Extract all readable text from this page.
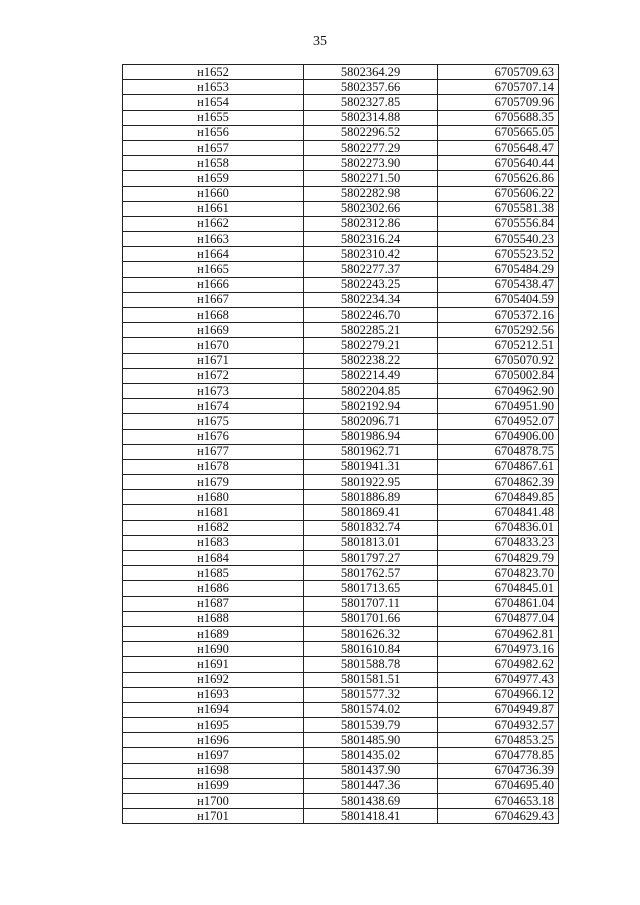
35
н1652	5802364.29	6705709.63
н1653	5802357.66	6705707.14
н1654	5802327.85	6705709.96
н1655	5802314.88	6705688.35
н1656	5802296.52	6705665.05
н1657	5802277.29	6705648.47
н1658	5802273.90	6705640.44
н1659	5802271.50	6705626.86
н1660	5802282.98	6705606.22
н1661	5802302.66	6705581.38
н1662	5802312.86	6705556.84
н1663	5802316.24	6705540.23
н1664	5802310.42	6705523.52
н1665	5802277.37	6705484.29
н1666	5802243.25	6705438.47
н1667	5802234.34	6705404.59
н1668	5802246.70	6705372.16
н1669	5802285.21	6705292.56
н1670	5802279.21	6705212.51
н1671	5802238.22	6705070.92
н1672	5802214.49	6705002.84
н1673	5802204.85	6704962.90
н1674	5802192.94	6704951.90
н1675	5802096.71	6704952.07
н1676	5801986.94	6704906.00
н1677	5801962.71	6704878.75
н1678	5801941.31	6704867.61
н1679	5801922.95	6704862.39
н1680	5801886.89	6704849.85
н1681	5801869.41	6704841.48
н1682	5801832.74	6704836.01
н1683	5801813.01	6704833.23
н1684	5801797.27	6704829.79
н1685	5801762.57	6704823.70
н1686	5801713.65	6704845.01
н1687	5801707.11	6704861.04
н1688	5801701.66	6704877.04
н1689	5801626.32	6704962.81
н1690	5801610.84	6704973.16
н1691	5801588.78	6704982.62
н1692	5801581.51	6704977.43
н1693	5801577.32	6704966.12
н1694	5801574.02	6704949.87
н1695	5801539.79	6704932.57
н1696	5801485.90	6704853.25
н1697	5801435.02	6704778.85
н1698	5801437.90	6704736.39
н1699	5801447.36	6704695.40
н1700	5801438.69	6704653.18
н1701	5801418.41	6704629.43
